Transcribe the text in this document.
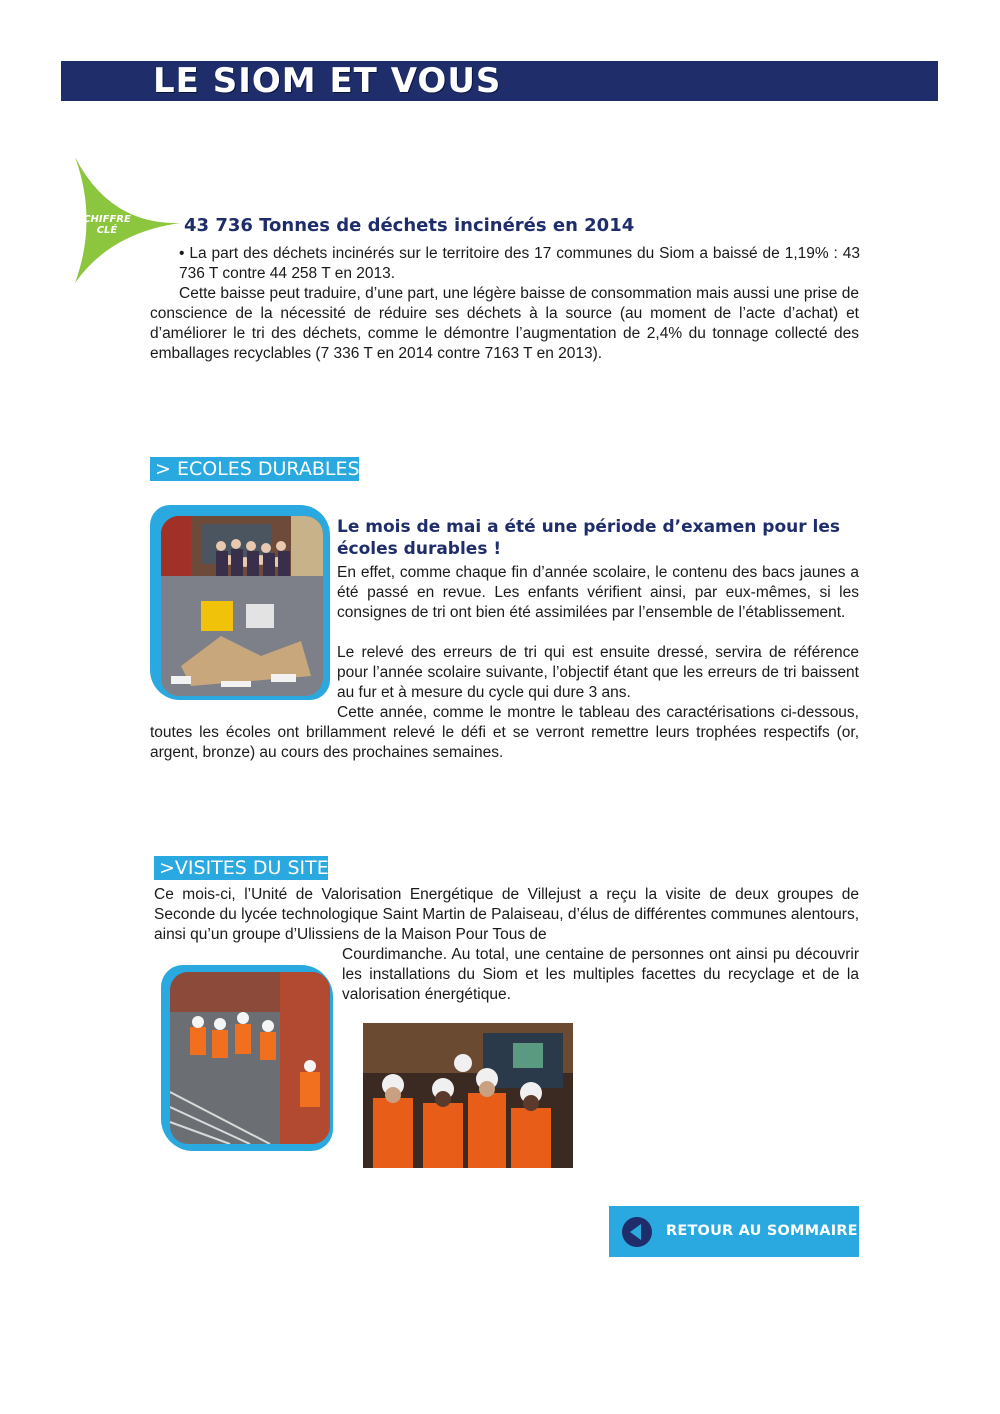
LE SIOM ET VOUS
CHIFFRE
CLÉ	43 736 Tonnes de déchets incinérés en 2014
• La part des déchets incinérés sur le territoire des 17 communes du Siom a baissé de 1,19% : 43 736 T contre 44 258 T en 2013.
Cette baisse peut traduire, d’une part, une légère baisse de consommation mais aussi une prise de conscience de la nécessité de réduire ses déchets à la source (au moment de l’acte d’achat) et d’améliorer le tri des déchets, comme le démontre l’augmentation de 2,4% du tonnage collecté des emballages recyclables (7 336 T en 2014 contre 7163 T en 2013).
> ECOLES DURABLES
Le mois de mai a été une période d’examen pour les écoles durables !
En effet, comme chaque fin d’année scolaire, le contenu des bacs jaunes a été passé en revue. Les enfants vérifient ainsi, par eux-mêmes, si les consignes de tri ont bien été assimilées par l’ensemble de l’établissement.
Le relevé des erreurs de tri qui est ensuite dressé, servira de référence pour l’année scolaire suivante, l’objectif étant que les erreurs de tri baissent au fur et à mesure du cycle qui dure 3 ans.
Cette année, comme le montre le tableau des caractérisations ci-dessous, toutes les écoles ont brillamment relevé le défi et se verront remettre leurs trophées respectifs (or, argent, bronze) au cours des prochaines semaines.
>VISITES DU SITE
Ce mois-ci, l’Unité de Valorisation Energétique de Villejust a reçu la visite de deux groupes de Seconde du lycée technologique Saint Martin de Palaiseau, d’élus de différentes communes alentours, ainsi qu’un groupe d’Ulissiens de la Maison Pour Tous de
Courdimanche. Au total, une centaine de personnes ont ainsi pu découvrir les installations du Siom et les multiples facettes du recyclage et de la valorisation énergétique.
RETOUR AU SOMMAIRE
